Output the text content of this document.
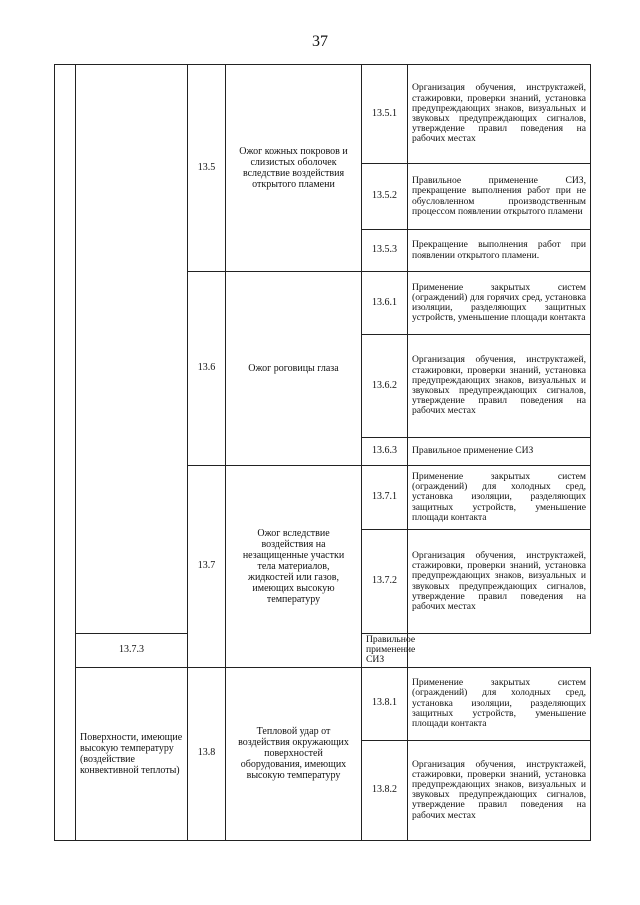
37
		13.5	Ожог кожных покровов и слизистых оболочек вследствие воздействия открытого пламени	13.5.1	Организация обучения, инструктажей, стажировки, проверки знаний, установка предупреждающих знаков, визуальных и звуковых предупреждающих сигналов, утверждение правил поведения на рабочих местах
				13.5.2	Правильное применение СИЗ, прекращение выполнения работ при не обусловленном производственным процессом появлении открытого пламени
				13.5.3	Прекращение выполнения работ при появлении открытого пламени.
		13.6	Ожог роговицы глаза	13.6.1	Применение закрытых систем (ограждений) для горячих сред, установка изоляции, разделяющих защитных устройств, уменьшение площади контакта
				13.6.2	Организация обучения, инструктажей, стажировки, проверки знаний, установка предупреждающих знаков, визуальных и звуковых предупреждающих сигналов, утверждение правил поведения на рабочих местах
				13.6.3	Правильное применение СИЗ
		13.7	Ожог вследствие воздействия на незащищенные участки тела материалов, жидкостей или газов, имеющих высокую температуру	13.7.1	Применение закрытых систем (ограждений) для холодных сред, установка изоляции, разделяющих защитных устройств, уменьшение площади контакта
				13.7.2	Организация обучения, инструктажей, стажировки, проверки знаний, установка предупреждающих знаков, визуальных и звуковых предупреждающих сигналов, утверждение правил поведения на рабочих местах
	13.7.3			Правильное применение СИЗ	
	Поверхности, имеющие высокую температуру (воздействие конвективной теплоты)	13.8	Тепловой удар от воздействия окружающих поверхностей оборудования, имеющих высокую температуру	13.8.1	Применение закрытых систем (ограждений) для холодных сред, установка изоляции, разделяющих защитных устройств, уменьшение площади контакта
				13.8.2	Организация обучения, инструктажей, стажировки, проверки знаний, установка предупреждающих знаков, визуальных и звуковых предупреждающих сигналов, утверждение правил поведения на рабочих местах
